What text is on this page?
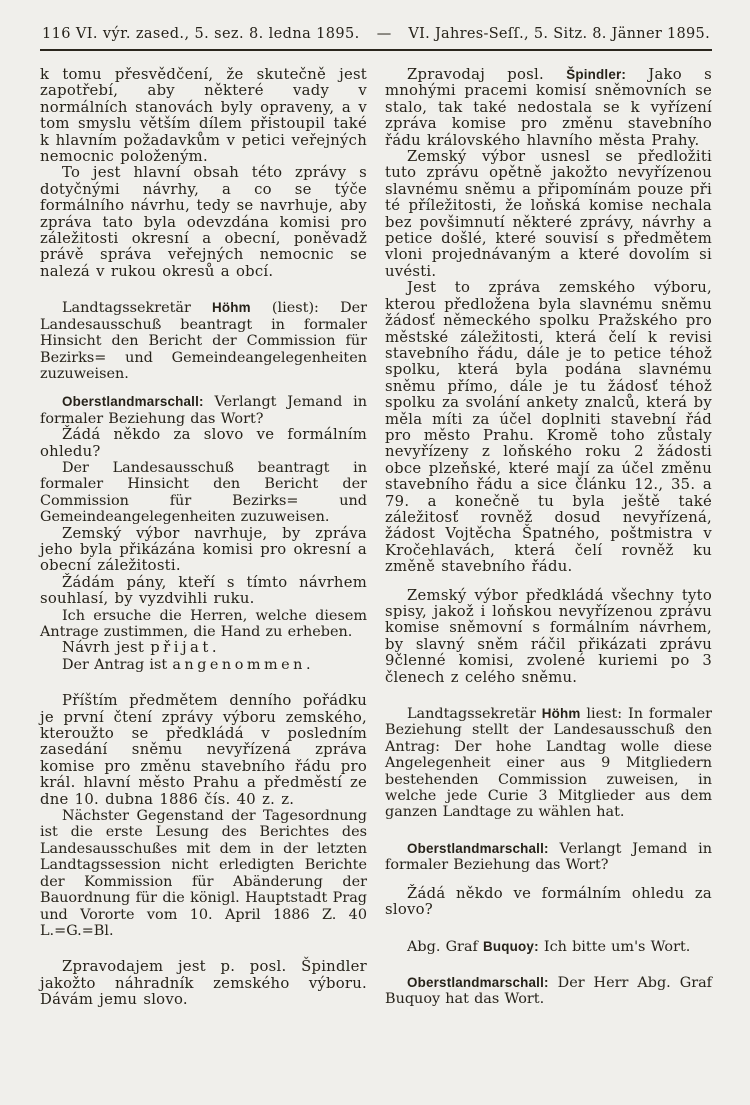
116 VI. výr. zased., 5. sez. 8. ledna 1895.	—	VI. Jahres-Seſſ., 5. Sitz. 8. Jänner 1895.

k tomu přesvědčení, že skutečně jest zapotřebí, aby některé vady v normálních stanovách byly opraveny, a v tom smyslu větším dílem přistoupil také k hlavním požadavkům v petici veřejných nemocnic položeným.

To jest hlavní obsah této zprávy s dotyčnými návrhy, a co se týče formálního návrhu, tedy se navrhuje, aby zpráva tato byla odevzdána komisi pro záležitosti okresní a obecní, poněvadž právě správa veřejných nemocnic se nalezá v rukou okresů a obcí.

Landtagssekretär Höhm (liest): Der Landesausschuß beantragt in formaler Hinsicht den Bericht der Commission für Bezirks= und Gemeindeangelegenheiten zuzuweisen.

Oberstlandmarschall: Verlangt Jemand in formaler Beziehung das Wort?

Žádá někdo za slovo ve formálním ohledu?

Der Landesausschuß beantragt in formaler Hinsicht den Bericht der Commission für Bezirks= und Gemeindeangelegenheiten zuzuweisen.

Zemský výbor navrhuje, by zpráva jeho byla přikázána komisi pro okresní a obecní záležitosti.

Žádám pány, kteří s tímto návrhem souhlasí, by vyzdvihli ruku.

Ich ersuche die Herren, welche diesem Antrage zustimmen, die Hand zu erheben.

Návrh jest přijat.

Der Antrag ist angenommen.

Příštím předmětem denního pořádku je první čtení zprávy výboru zemského, kteroužto se předkládá v posledním zasedání sněmu nevyřízená zpráva komise pro změnu stavebního řádu pro král. hlavní město Prahu a předměstí ze dne 10. dubna 1886 čís. 40 z. z.

Nächster Gegenstand der Tagesordnung ist die erste Lesung des Berichtes des Landesausschußes mit dem in der letzten Landtagssession nicht erledigten Berichte der Kommission für Abänderung der Bauordnung für die königl. Hauptstadt Prag und Vororte vom 10. April 1886 Z. 40 L.=G.=Bl.

Zpravodajem jest p. posl. Špindler jakožto náhradník zemského výboru. Dávám jemu slovo.

Zpravodaj posl. Špindler: Jako s mnohými pracemi komisí sněmovních se stalo, tak také nedostala se k vyřízení zpráva komise pro změnu stavebního řádu královského hlavního města Prahy.

Zemský výbor usnesl se předložiti tuto zprávu opětně jakožto nevyřízenou slavnému sněmu a připomínám pouze při té příležitosti, že loňská komise nechala bez povšimnutí některé zprávy, návrhy a petice došlé, které souvisí s předmětem vloni projednávaným a které dovolím si uvésti.

Jest to zpráva zemského výboru, kterou předložena byla slavnému sněmu žádosť německého spolku Pražského pro městské záležitosti, která čelí k revisi stavebního řádu, dále je to petice téhož spolku, která byla podána slavnému sněmu přímo, dále je tu žádosť téhož spolku za svolání ankety znalců, která by měla míti za účel doplniti stavební řád pro město Prahu. Kromě toho zůstaly nevyřízeny z loňského roku 2 žádosti obce plzeňské, které mají za účel změnu stavebního řádu a sice článku 12., 35. a 79. a konečně tu byla ještě také záležitosť rovněž dosud nevyřízená, žádost Vojtěcha Špatného, poštmistra v Kročehlavách, která čelí rovněž ku změně stavebního řádu.

Zemský výbor předkládá všechny tyto spisy, jakož i loňskou nevyřízenou zprávu komise sněmovní s formálním návrhem, by slavný sněm ráčil přikázati zprávu 9členné komisi, zvolené kuriemi po 3 členech z celého sněmu.

Landtagssekretär Höhm liest: In formaler Beziehung stellt der Landesausschuß den Antrag: Der hohe Landtag wolle diese Angelegenheit einer aus 9 Mitgliedern bestehenden Commission zuweisen, in welche jede Curie 3 Mitglieder aus dem ganzen Landtage zu wählen hat.

Oberstlandmarschall: Verlangt Jemand in formaler Beziehung das Wort?

Žádá někdo ve formálním ohledu za slovo?

Abg. Graf Buquoy: Ich bitte um's Wort.

Oberstlandmarschall: Der Herr Abg. Graf Buquoy hat das Wort.
